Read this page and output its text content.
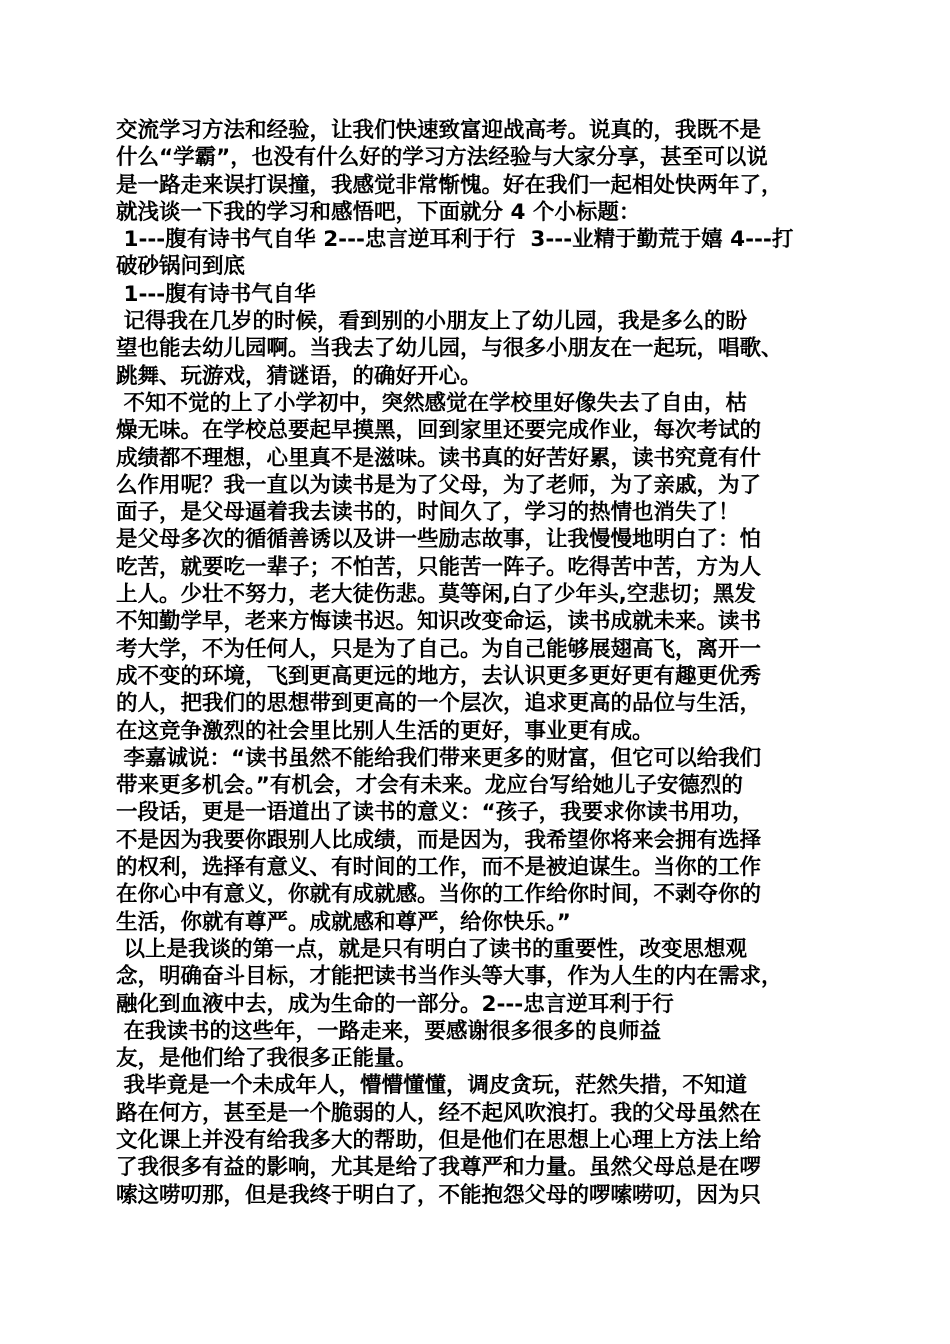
交流学习方法和经验，让我们快速致富迎战高考。说真的，我既不是
什么“学霸”，也没有什么好的学习方法经验与大家分享，甚至可以说
是一路走来误打误撞，我感觉非常惭愧。好在我们一起相处快两年了，
就浅谈一下我的学习和感悟吧，下面就分 4 个小标题：
1---腹有诗书气自华 2---忠言逆耳利于行  3---业精于勤荒于嬉 4---打
破砂锅问到底
1---腹有诗书气自华
记得我在几岁的时候，看到别的小朋友上了幼儿园，我是多么的盼
望也能去幼儿园啊。当我去了幼儿园，与很多小朋友在一起玩，唱歌、
跳舞、玩游戏，猜谜语，的确好开心。
不知不觉的上了小学初中，突然感觉在学校里好像失去了自由，枯
燥无味。在学校总要起早摸黑，回到家里还要完成作业，每次考试的
成绩都不理想，心里真不是滋味。读书真的好苦好累，读书究竟有什
么作用呢？我一直以为读书是为了父母，为了老师，为了亲戚，为了
面子，是父母逼着我去读书的，时间久了，学习的热情也消失了！
是父母多次的循循善诱以及讲一些励志故事，让我慢慢地明白了：怕
吃苦，就要吃一辈子；不怕苦，只能苦一阵子。吃得苦中苦，方为人
上人。少壮不努力，老大徒伤悲。莫等闲,白了少年头,空悲切；黑发
不知勤学早，老来方悔读书迟。知识改变命运，读书成就未来。读书
考大学，不为任何人，只是为了自己。为自己能够展翅高飞，离开一
成不变的环境，飞到更高更远的地方，去认识更多更好更有趣更优秀
的人，把我们的思想带到更高的一个层次，追求更高的品位与生活，
在这竞争激烈的社会里比别人生活的更好，事业更有成。
李嘉诚说：“读书虽然不能给我们带来更多的财富，但它可以给我们
带来更多机会。”有机会，才会有未来。龙应台写给她儿子安德烈的
一段话，更是一语道出了读书的意义：“孩子，我要求你读书用功，
不是因为我要你跟别人比成绩，而是因为，我希望你将来会拥有选择
的权利，选择有意义、有时间的工作，而不是被迫谋生。当你的工作
在你心中有意义，你就有成就感。当你的工作给你时间，不剥夺你的
生活，你就有尊严。成就感和尊严，给你快乐。”
以上是我谈的第一点，就是只有明白了读书的重要性，改变思想观
念，明确奋斗目标，才能把读书当作头等大事，作为人生的内在需求，
融化到血液中去，成为生命的一部分。2---忠言逆耳利于行
在我读书的这些年，一路走来，要感谢很多很多的良师益
友，是他们给了我很多正能量。
我毕竟是一个未成年人，懵懵懂懂，调皮贪玩，茫然失措，不知道
路在何方，甚至是一个脆弱的人，经不起风吹浪打。我的父母虽然在
文化课上并没有给我多大的帮助，但是他们在思想上心理上方法上给
了我很多有益的影响，尤其是给了我尊严和力量。虽然父母总是在啰
嗦这唠叨那，但是我终于明白了，不能抱怨父母的啰嗦唠叨，因为只
